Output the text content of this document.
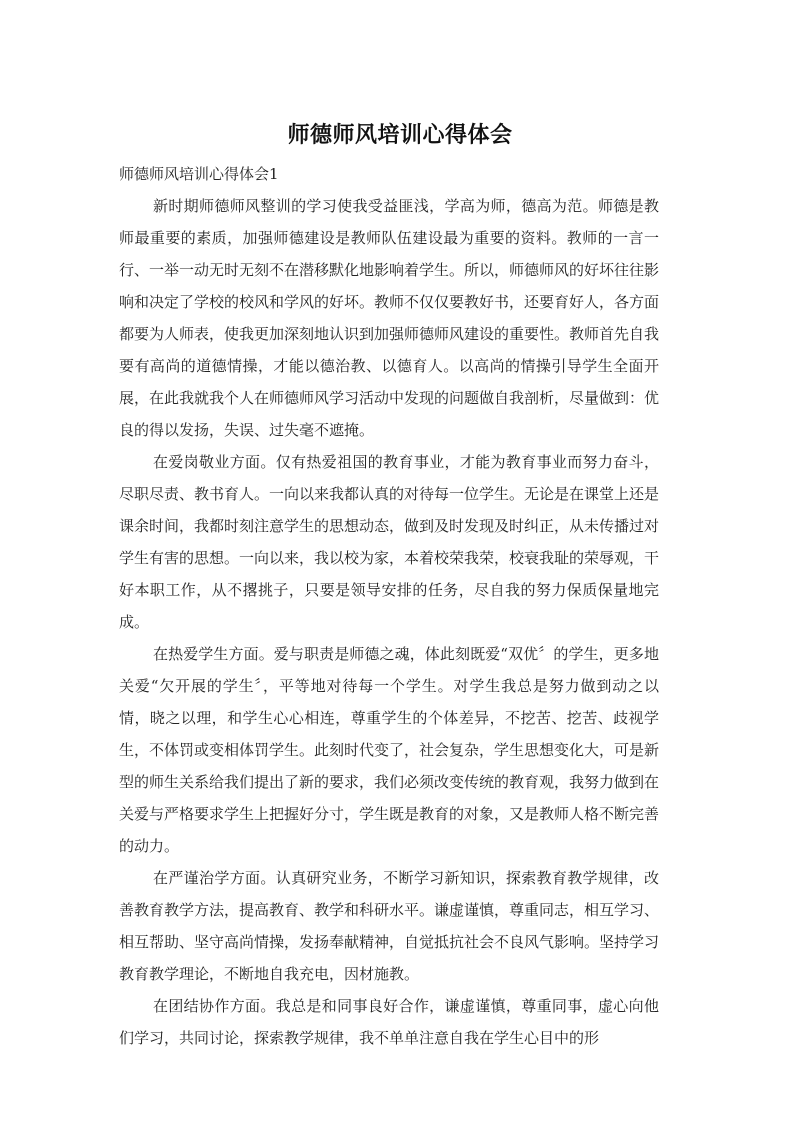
师德师风培训心得体会
师德师风培训心得体会1

新时期师德师风整训的学习使我受益匪浅，学高为师，德高为范。师德是教师最重要的素质，加强师德建设是教师队伍建设最为重要的资料。教师的一言一行、一举一动无时无刻不在潜移默化地影响着学生。所以，师德师风的好坏往往影响和决定了学校的校风和学风的好坏。教师不仅仅要教好书，还要育好人，各方面都要为人师表，使我更加深刻地认识到加强师德师风建设的重要性。教师首先自我要有高尚的道德情操，才能以德治教、以德育人。以高尚的情操引导学生全面开展，在此我就我个人在师德师风学习活动中发现的问题做自我剖析，尽量做到：优良的得以发扬，失误、过失毫不遮掩。

在爱岗敬业方面。仅有热爱祖国的教育事业，才能为教育事业而努力奋斗，尽职尽责、教书育人。一向以来我都认真的对待每一位学生。无论是在课堂上还是课余时间，我都时刻注意学生的思想动态，做到及时发现及时纠正，从未传播过对学生有害的思想。一向以来，我以校为家，本着校荣我荣，校衰我耻的荣辱观，干好本职工作，从不撂挑子，只要是领导安排的任务，尽自我的努力保质保量地完成。

在热爱学生方面。爱与职责是师德之魂，体此刻既爱“双优〞的学生，更多地关爱“欠开展的学生〞，平等地对待每一个学生。对学生我总是努力做到动之以情，晓之以理，和学生心心相连，尊重学生的个体差异，不挖苦、挖苦、歧视学生，不体罚或变相体罚学生。此刻时代变了，社会复杂，学生思想变化大，可是新型的师生关系给我们提出了新的要求，我们必须改变传统的教育观，我努力做到在关爱与严格要求学生上把握好分寸，学生既是教育的对象，又是教师人格不断完善的动力。

在严谨治学方面。认真研究业务，不断学习新知识，探索教育教学规律，改善教育教学方法，提高教育、教学和科研水平。谦虚谨慎，尊重同志，相互学习、相互帮助、坚守高尚情操，发扬奉献精神，自觉抵抗社会不良风气影响。坚持学习教育教学理论，不断地自我充电，因材施教。

在团结协作方面。我总是和同事良好合作，谦虚谨慎，尊重同事，虚心向他们学习，共同讨论，探索教学规律，我不单单注意自我在学生心目中的形
